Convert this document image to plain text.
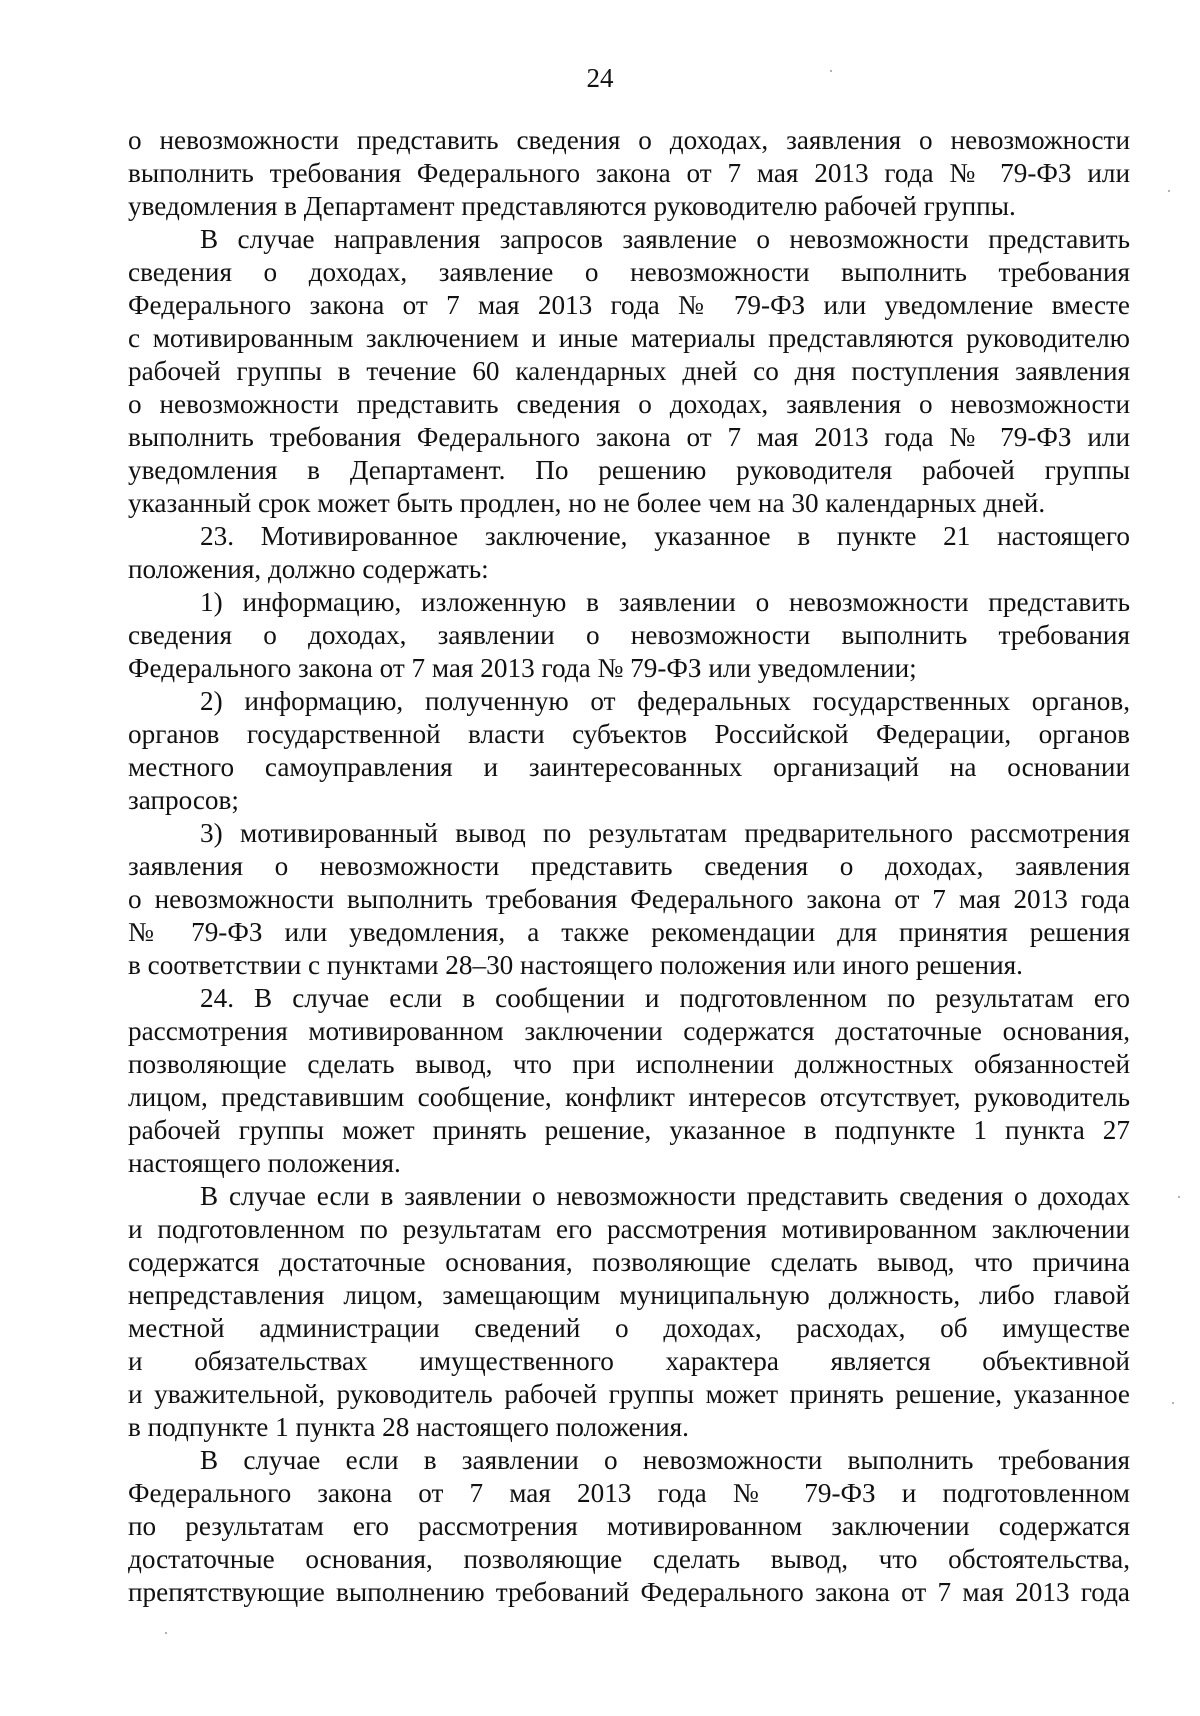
24
о невозможности представить сведения о доходах, заявления о невозможности
выполнить требования Федерального закона от 7 мая 2013 года № 79-ФЗ или
уведомления в Департамент представляются руководителю рабочей группы.
В случае направления запросов заявление о невозможности представить
сведения о доходах, заявление о невозможности выполнить требования
Федерального закона от 7 мая 2013 года № 79-ФЗ или уведомление вместе
с мотивированным заключением и иные материалы представляются руководителю
рабочей группы в течение 60 календарных дней со дня поступления заявления
о невозможности представить сведения о доходах, заявления о невозможности
выполнить требования Федерального закона от 7 мая 2013 года № 79-ФЗ или
уведомления в Департамент. По решению руководителя рабочей группы
указанный срок может быть продлен, но не более чем на 30 календарных дней.
23. Мотивированное заключение, указанное в пункте 21 настоящего
положения, должно содержать:
1) информацию, изложенную в заявлении о невозможности представить
сведения о доходах, заявлении о невозможности выполнить требования
Федерального закона от 7 мая 2013 года № 79-ФЗ или уведомлении;
2) информацию, полученную от федеральных государственных органов,
органов государственной власти субъектов Российской Федерации, органов
местного самоуправления и заинтересованных организаций на основании
запросов;
3) мотивированный вывод по результатам предварительного рассмотрения
заявления о невозможности представить сведения о доходах, заявления
о невозможности выполнить требования Федерального закона от 7 мая 2013 года
№ 79-ФЗ или уведомления, а также рекомендации для принятия решения
в соответствии с пунктами 28–30 настоящего положения или иного решения.
24. В случае если в сообщении и подготовленном по результатам его
рассмотрения мотивированном заключении содержатся достаточные основания,
позволяющие сделать вывод, что при исполнении должностных обязанностей
лицом, представившим сообщение, конфликт интересов отсутствует, руководитель
рабочей группы может принять решение, указанное в подпункте 1 пункта 27
настоящего положения.
В случае если в заявлении о невозможности представить сведения о доходах
и подготовленном по результатам его рассмотрения мотивированном заключении
содержатся достаточные основания, позволяющие сделать вывод, что причина
непредставления лицом, замещающим муниципальную должность, либо главой
местной администрации сведений о доходах, расходах, об имуществе
и обязательствах имущественного характера является объективной
и уважительной, руководитель рабочей группы может принять решение, указанное
в подпункте 1 пункта 28 настоящего положения.
В случае если в заявлении о невозможности выполнить требования
Федерального закона от 7 мая 2013 года № 79-ФЗ и подготовленном
по результатам его рассмотрения мотивированном заключении содержатся
достаточные основания, позволяющие сделать вывод, что обстоятельства,
препятствующие выполнению требований Федерального закона от 7 мая 2013 года
